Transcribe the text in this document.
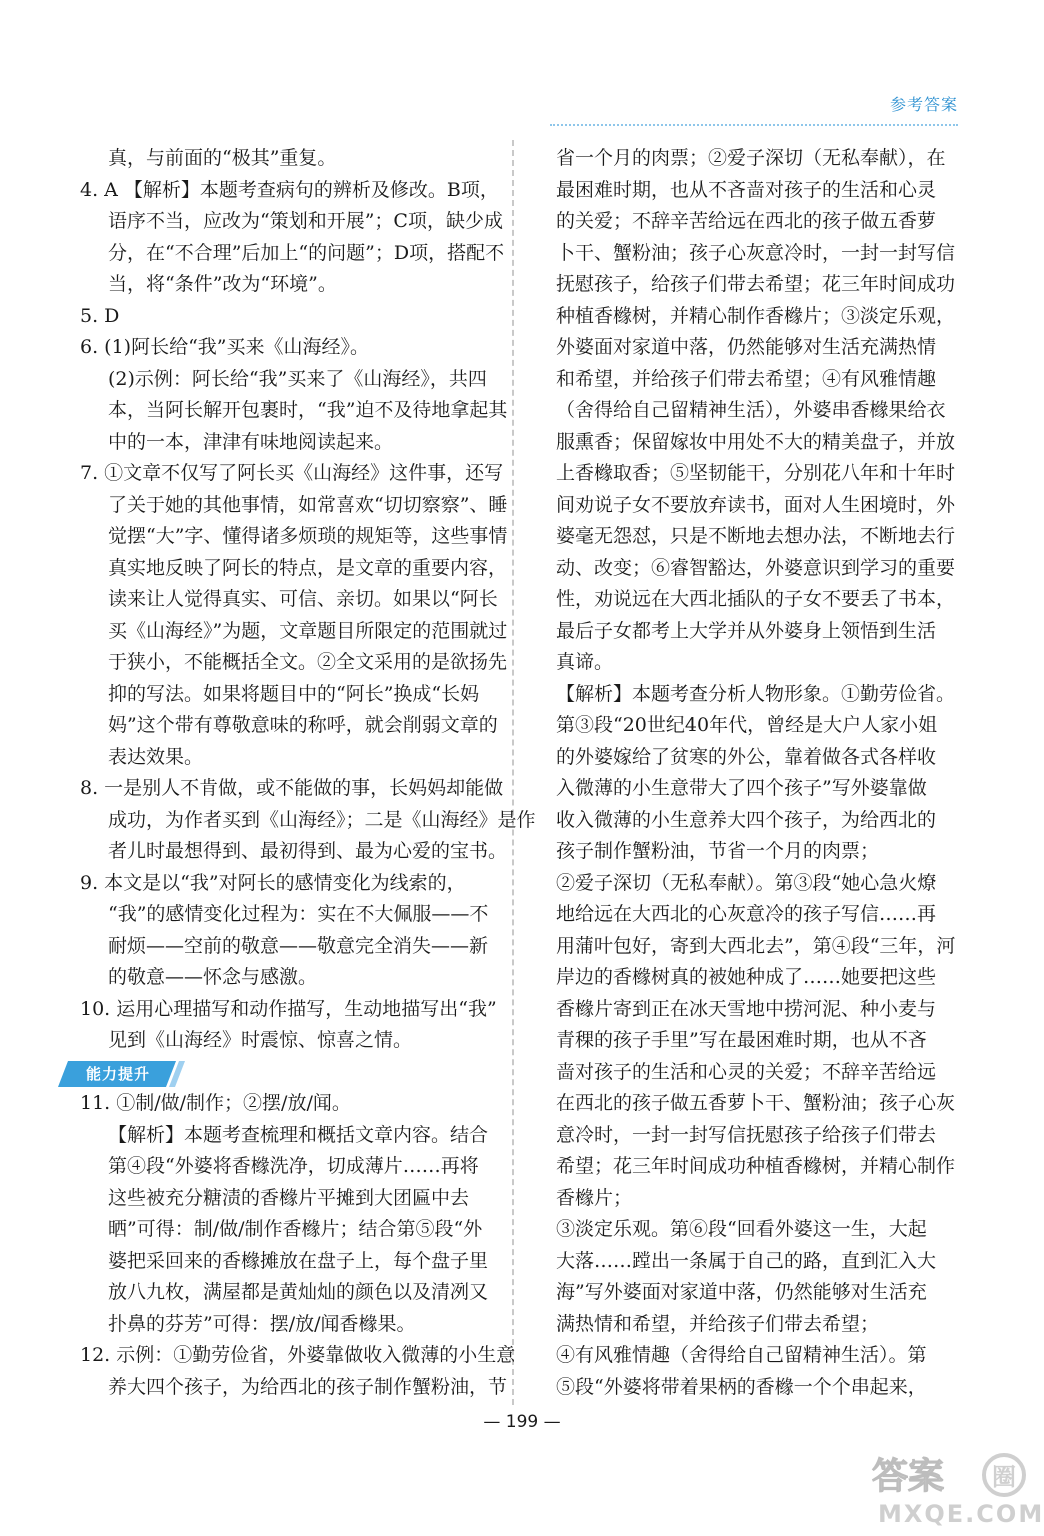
参考答案
真，与前面的“极其”重复。
4. A 【解析】本题考查病句的辨析及修改。B项，
语序不当，应改为“策划和开展”；C项，缺少成
分，在“不合理”后加上“的问题”；D项，搭配不
当，将“条件”改为“环境”。
5. D
6. (1)阿长给“我”买来《山海经》。
(2)示例：阿长给“我”买来了《山海经》，共四
本，当阿长解开包裹时，“我”迫不及待地拿起其
中的一本，津津有味地阅读起来。
7. ①文章不仅写了阿长买《山海经》这件事，还写
了关于她的其他事情，如常喜欢“切切察察”、睡
觉摆“大”字、懂得诸多烦琐的规矩等，这些事情
真实地反映了阿长的特点，是文章的重要内容，
读来让人觉得真实、可信、亲切。如果以“阿长
买《山海经》”为题，文章题目所限定的范围就过
于狭小，不能概括全文。②全文采用的是欲扬先
抑的写法。如果将题目中的“阿长”换成“长妈
妈”这个带有尊敬意味的称呼，就会削弱文章的
表达效果。
8. 一是别人不肯做，或不能做的事，长妈妈却能做
成功，为作者买到《山海经》；二是《山海经》是作
者儿时最想得到、最初得到、最为心爱的宝书。
9. 本文是以“我”对阿长的感情变化为线索的，
“我”的感情变化过程为：实在不大佩服——不
耐烦——空前的敬意——敬意完全消失——新
的敬意——怀念与感激。
10. 运用心理描写和动作描写，生动地描写出“我”
见到《山海经》时震惊、惊喜之情。
能力提升
11. ①制/做/制作；②摆/放/闻。
【解析】本题考查梳理和概括文章内容。结合
第④段“外婆将香橼洗净，切成薄片……再将
这些被充分糖渍的香橼片平摊到大团匾中去
晒”可得：制/做/制作香橼片；结合第⑤段“外
婆把采回来的香橼摊放在盘子上，每个盘子里
放八九枚，满屋都是黄灿灿的颜色以及清冽又
扑鼻的芬芳”可得：摆/放/闻香橼果。
12. 示例：①勤劳俭省，外婆靠做收入微薄的小生意
养大四个孩子，为给西北的孩子制作蟹粉油，节
省一个月的肉票；②爱子深切（无私奉献），在
最困难时期，也从不吝啬对孩子的生活和心灵
的关爱；不辞辛苦给远在西北的孩子做五香萝
卜干、蟹粉油；孩子心灰意冷时，一封一封写信
抚慰孩子，给孩子们带去希望；花三年时间成功
种植香橼树，并精心制作香橼片；③淡定乐观，
外婆面对家道中落，仍然能够对生活充满热情
和希望，并给孩子们带去希望；④有风雅情趣
（舍得给自己留精神生活），外婆串香橼果给衣
服熏香；保留嫁妆中用处不大的精美盘子，并放
上香橼取香；⑤坚韧能干，分别花八年和十年时
间劝说子女不要放弃读书，面对人生困境时，外
婆毫无怨怼，只是不断地去想办法，不断地去行
动、改变；⑥睿智豁达，外婆意识到学习的重要
性，劝说远在大西北插队的子女不要丢了书本，
最后子女都考上大学并从外婆身上领悟到生活
真谛。
【解析】本题考查分析人物形象。①勤劳俭省。
第③段“20世纪40年代，曾经是大户人家小姐
的外婆嫁给了贫寒的外公，靠着做各式各样收
入微薄的小生意带大了四个孩子”写外婆靠做
收入微薄的小生意养大四个孩子，为给西北的
孩子制作蟹粉油，节省一个月的肉票；
②爱子深切（无私奉献）。第③段“她心急火燎
地给远在大西北的心灰意冷的孩子写信……再
用蒲叶包好，寄到大西北去”，第④段“三年，河
岸边的香橼树真的被她种成了……她要把这些
香橼片寄到正在冰天雪地中捞河泥、种小麦与
青稞的孩子手里”写在最困难时期，也从不吝
啬对孩子的生活和心灵的关爱；不辞辛苦给远
在西北的孩子做五香萝卜干、蟹粉油；孩子心灰
意冷时，一封一封写信抚慰孩子给孩子们带去
希望；花三年时间成功种植香橼树，并精心制作
香橼片；
③淡定乐观。第⑥段“回看外婆这一生，大起
大落……蹚出一条属于自己的路，直到汇入大
海”写外婆面对家道中落，仍然能够对生活充
满热情和希望，并给孩子们带去希望；
④有风雅情趣（舍得给自己留精神生活）。第
⑤段“外婆将带着果柄的香橼一个个串起来，
— 199 —
答案 圈
MXQE.COM
